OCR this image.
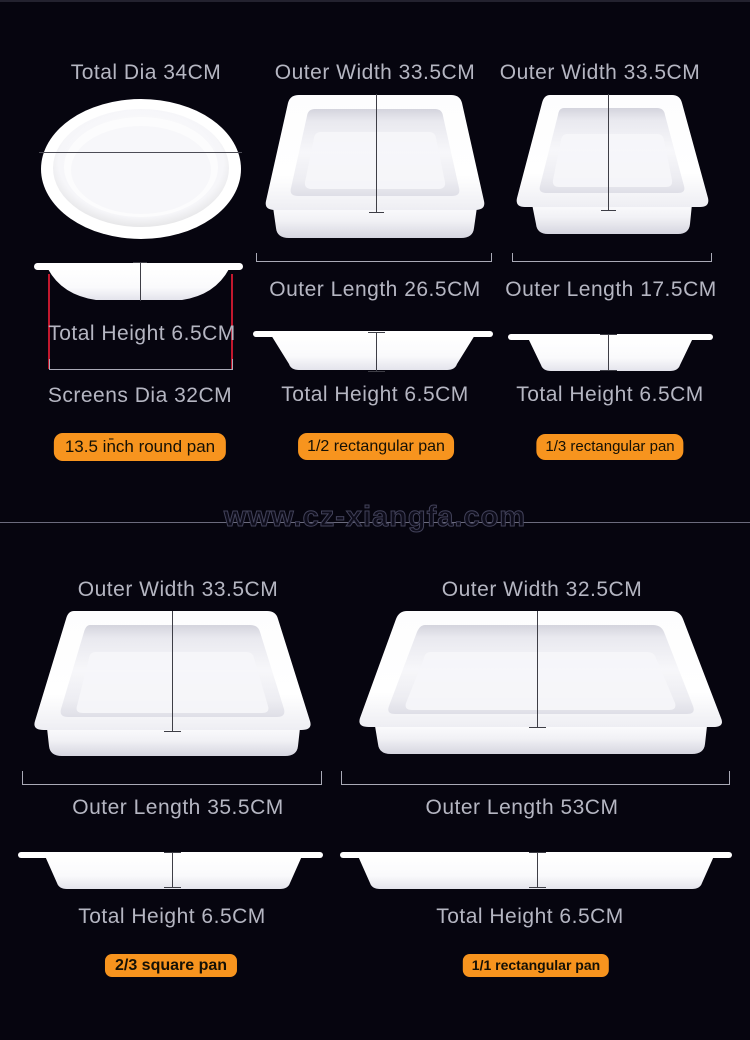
Total Dia 34CM
Total Height 6.5CM
Screens Dia 32CM
13.5 in̄ch round pan
Outer Width 33.5CM
Outer Length 26.5CM
Total Height 6.5CM
1/2 rectangular pan
Outer Width 33.5CM
Outer Length 17.5CM
Total Height 6.5CM
1/3 rectangular pan
www.cz-xiangfa.com
Outer Width 33.5CM
Outer Length 35.5CM
Total Height 6.5CM
2/3 square pan
Outer Width 32.5CM
Outer Length 53CM
Total Height 6.5CM
1/1 rectangular pan
